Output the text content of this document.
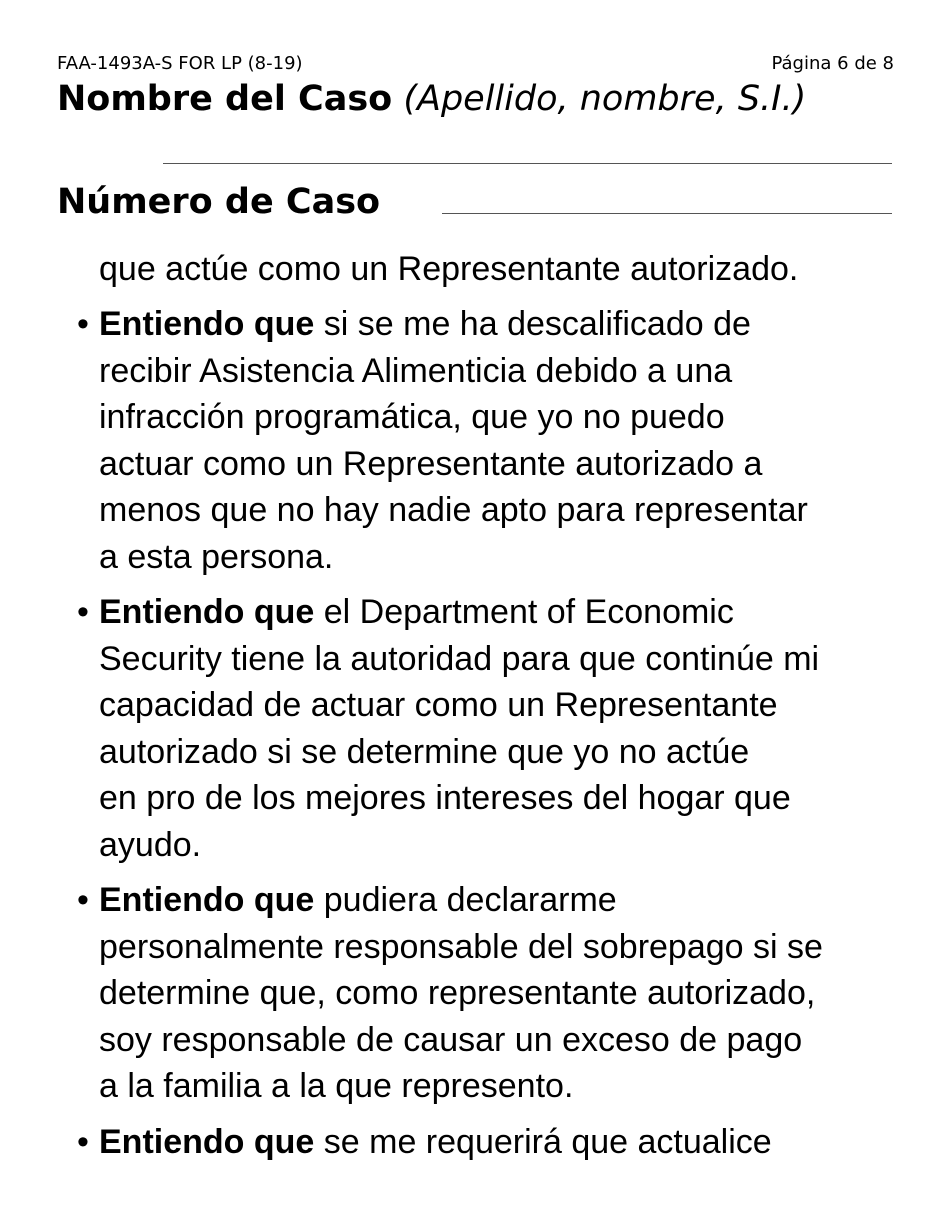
FAA-1493A-S FOR LP (8-19)	Página 6 de 8
Nombre del Caso (Apellido, nombre, S.I.)
Número de Caso
que actúe como un Representante autorizado.
• Entiendo que si se me ha descalificado de
recibir Asistencia Alimenticia debido a una
infracción programática, que yo no puedo
actuar como un Representante autorizado a
menos que no hay nadie apto para representar
a esta persona.
• Entiendo que el Department of Economic
Security tiene la autoridad para que continúe mi
capacidad de actuar como un Representante
autorizado si se determine que yo no actúe
en pro de los mejores intereses del hogar que
ayudo.
• Entiendo que pudiera declararme
personalmente responsable del sobrepago si se
determine que, como representante autorizado,
soy responsable de causar un exceso de pago
a la familia a la que represento.
• Entiendo que se me requerirá que actualice
